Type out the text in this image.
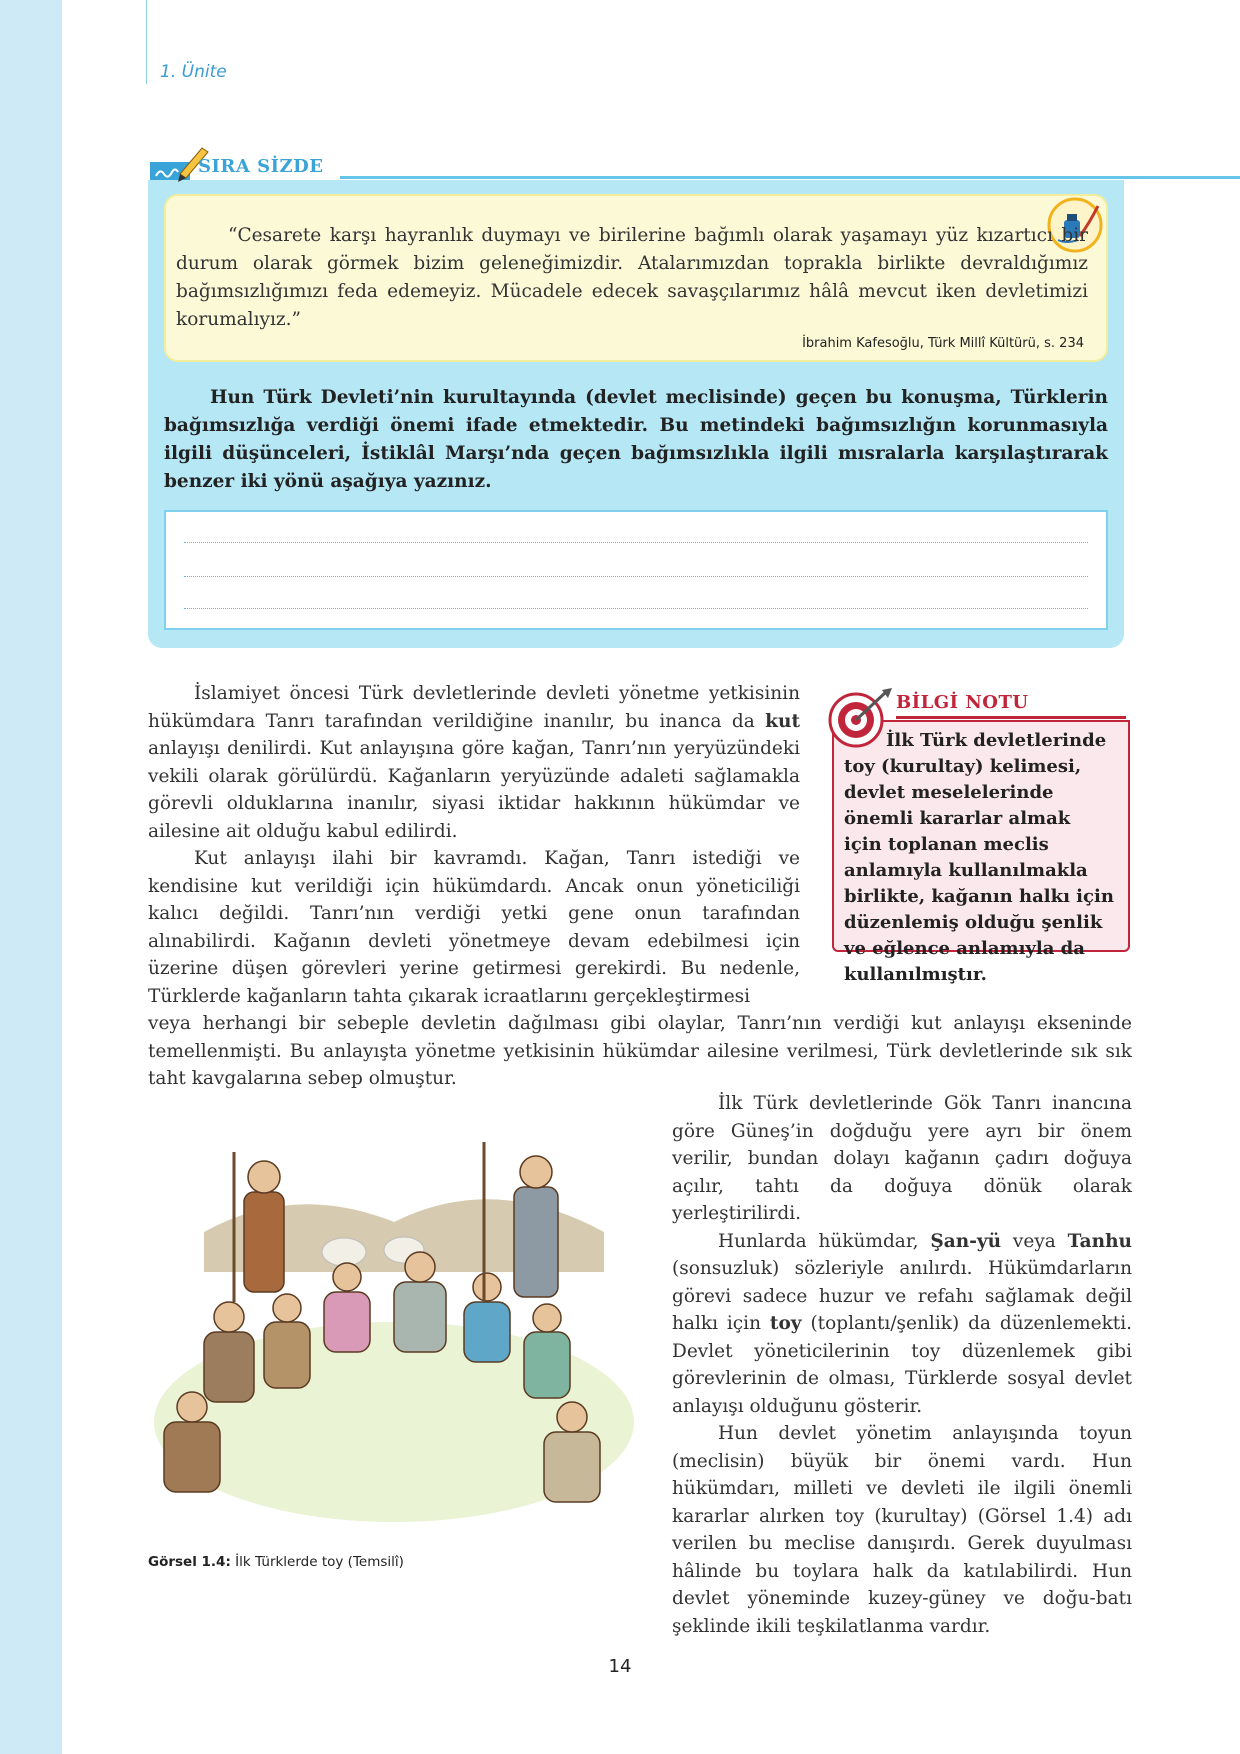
1. Ünite
SIRA SİZDE

“Cesarete karşı hayranlık duymayı ve birilerine bağımlı olarak yaşamayı yüz kızartıcı bir durum olarak görmek bizim geleneğimizdir. Atalarımızdan toprakla birlikte devraldığımız bağımsızlığımızı feda edemeyiz. Mücadele edecek savaşçılarımız hâlâ mevcut iken devletimizi korumalıyız.”

İbrahim Kafesoğlu, Türk Millî Kültürü, s. 234

Hun Türk Devleti’nin kurultayında (devlet meclisinde) geçen bu konuşma, Türklerin bağımsızlığa verdiği önemi ifade etmektedir. Bu metindeki bağımsızlığın korunmasıyla ilgili düşünceleri, İstiklâl Marşı’nda geçen bağımsızlıkla ilgili mısralarla karşılaştırarak benzer iki yönü aşağıya yazınız.

BİLGİ NOTU

İlk Türk devletlerinde toy (kurultay) kelimesi, devlet meselelerinde önemli kararlar almak için toplanan meclis anlamıyla kullanılmakla birlikte, kağanın halkı için düzenlemiş olduğu şenlik ve eğlence anlamıyla da kullanılmıştır.

İslamiyet öncesi Türk devletlerinde devleti yönetme yetkisinin hükümdara Tanrı tarafından verildiğine inanılır, bu inanca da kut anlayışı denilirdi. Kut anlayışına göre kağan, Tanrı’nın yeryüzündeki vekili olarak görülürdü. Kağanların yeryüzünde adaleti sağlamakla görevli olduklarına inanılır, siyasi iktidar hakkının hükümdar ve ailesine ait olduğu kabul edilirdi.

Kut anlayışı ilahi bir kavramdı. Kağan, Tanrı istediği ve kendisine kut verildiği için hükümdardı. Ancak onun yöneticiliği kalıcı değildi. Tanrı’nın verdiği yetki gene onun tarafından alınabilirdi. Kağanın devleti yönetmeye devam edebilmesi için üzerine düşen görevleri yerine getirmesi gerekirdi. Bu nedenle, Türklerde kağanların tahta çıkarak icraatlarını gerçekleştirmesi

veya herhangi bir sebeple devletin dağılması gibi olaylar, Tanrı’nın verdiği kut anlayışı ekseninde temellenmişti. Bu anlayışta yönetme yetkisinin hükümdar ailesine verilmesi, Türk devletlerinde sık sık taht kavgalarına sebep olmuştur.

Görsel 1.4: İlk Türklerde toy (Temsilî)

İlk Türk devletlerinde Gök Tanrı inancına göre Güneş’in doğduğu yere ayrı bir önem verilir, bundan dolayı kağanın çadırı doğuya açılır, tahtı da doğuya dönük olarak yerleştirilirdi.

Hunlarda hükümdar, Şan-yü veya Tanhu (sonsuzluk) sözleriyle anılırdı. Hükümdarların görevi sadece huzur ve refahı sağlamak değil halkı için toy (toplantı/şenlik) da düzenlemekti. Devlet yöneticilerinin toy düzenlemek gibi görevlerinin de olması, Türklerde sosyal devlet anlayışı olduğunu gösterir.

Hun devlet yönetim anlayışında toyun (meclisin) büyük bir önemi vardı. Hun hükümdarı, milleti ve devleti ile ilgili önemli kararlar alırken toy (kurultay) (Görsel 1.4) adı verilen bu meclise danışırdı. Gerek duyulması hâlinde bu toylara halk da katılabilirdi. Hun devlet yöneminde kuzey-güney ve doğu-batı şeklinde ikili teşkilatlanma vardır.

14
